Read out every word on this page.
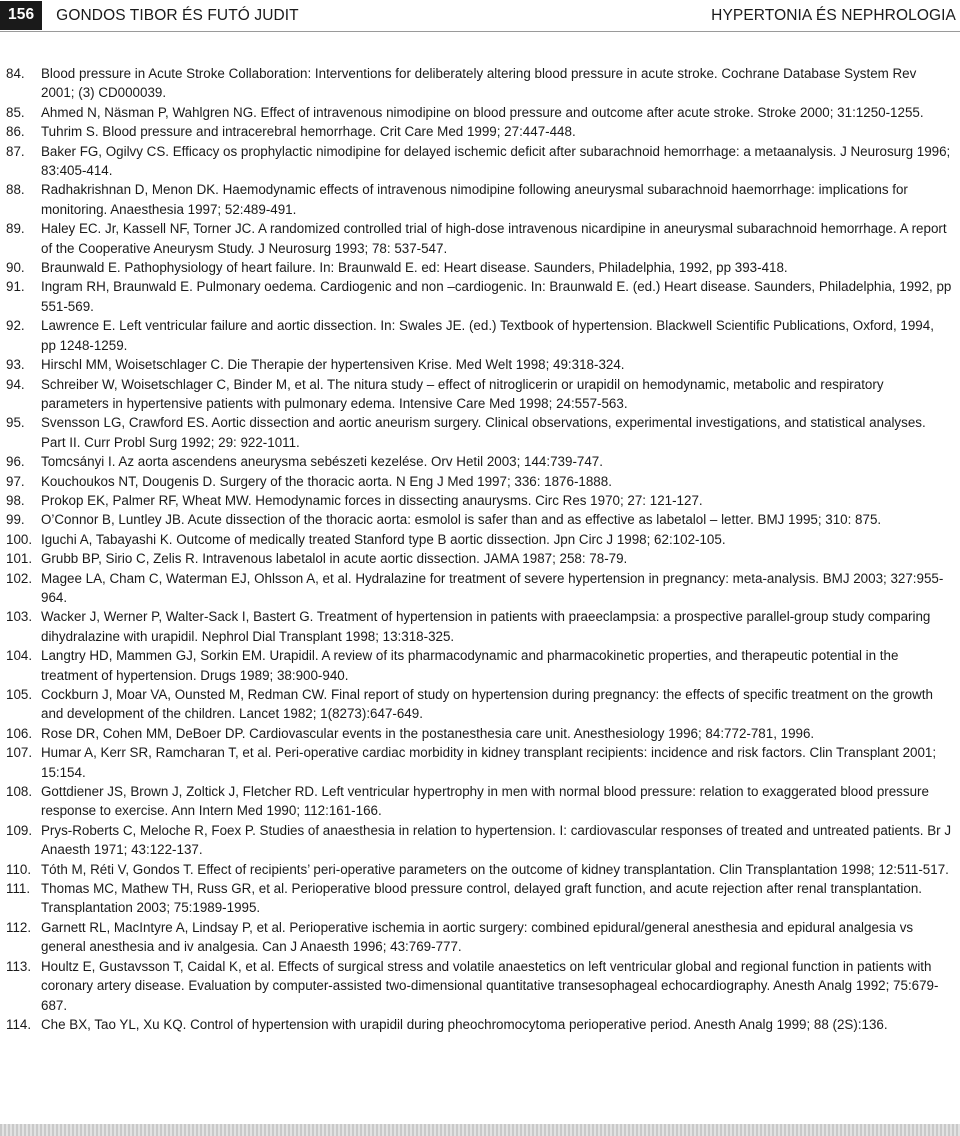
156	GONDOS TIBOR ÉS FUTÓ JUDIT	HYPERTONIA ÉS NEPHROLOGIA
84.	Blood pressure in Acute Stroke Collaboration: Interventions for deliberately altering blood pressure in acute stroke. Cochrane Database System Rev 2001; (3) CD000039.
85.	Ahmed N, Näsman P, Wahlgren NG. Effect of intravenous nimodipine on blood pressure and outcome after acute stroke. Stroke 2000; 31:1250-1255.
86.	Tuhrim S. Blood pressure and intracerebral hemorrhage. Crit Care Med 1999; 27:447-448.
87.	Baker FG, Ogilvy CS. Efficacy os prophylactic nimodipine for delayed ischemic deficit after subarachnoid hemorrhage: a metaanalysis. J Neurosurg 1996; 83:405-414.
88.	Radhakrishnan D, Menon DK. Haemodynamic effects of intravenous nimodipine following aneurysmal subarachnoid haemorrhage: implications for monitoring. Anaesthesia 1997; 52:489-491.
89.	Haley EC. Jr, Kassell NF, Torner JC. A randomized controlled trial of high-dose intravenous nicardipine in aneurysmal subarachnoid hemorrhage. A report of the Cooperative Aneurysm Study. J Neurosurg 1993; 78: 537-547.
90.	Braunwald E. Pathophysiology of heart failure. In: Braunwald E. ed: Heart disease. Saunders, Philadelphia, 1992, pp 393-418.
91.	Ingram RH, Braunwald E. Pulmonary oedema. Cardiogenic and non –cardiogenic. In: Braunwald E. (ed.) Heart disease. Saunders, Philadelphia, 1992, pp 551-569.
92.	Lawrence E. Left ventricular failure and aortic dissection. In: Swales JE. (ed.) Textbook of hypertension. Blackwell Scientific Publications, Oxford, 1994, pp 1248-1259.
93.	Hirschl MM, Woisetschlager C. Die Therapie der hypertensiven Krise. Med Welt 1998; 49:318-324.
94.	Schreiber W, Woisetschlager C, Binder M, et al. The nitura study – effect of nitroglicerin or urapidil on hemodynamic, metabolic and respiratory parameters in hypertensive patients with pulmonary edema. Intensive Care Med 1998; 24:557-563.
95.	Svensson LG, Crawford ES. Aortic dissection and aortic aneurism surgery. Clinical observations, experimental investigations, and statistical analyses. Part II. Curr Probl Surg 1992; 29: 922-1011.
96.	Tomcsányi I. Az aorta ascendens aneurysma sebészeti kezelése. Orv Hetil 2003; 144:739-747.
97.	Kouchoukos NT, Dougenis D. Surgery of the thoracic aorta. N Eng J Med 1997; 336: 1876-1888.
98.	Prokop EK, Palmer RF, Wheat MW. Hemodynamic forces in dissecting anaurysms. Circ Res 1970; 27: 121-127.
99.	O’Connor B, Luntley JB. Acute dissection of the thoracic aorta: esmolol is safer than and as effective as labetalol – letter. BMJ 1995; 310: 875.
100. Iguchi A, Tabayashi K. Outcome of medically treated Stanford type B aortic dissection. Jpn Circ J 1998; 62:102-105.
101. Grubb BP, Sirio C, Zelis R. Intravenous labetalol in acute aortic dissection. JAMA 1987; 258: 78-79.
102. Magee LA, Cham C, Waterman EJ, Ohlsson A, et al. Hydralazine for treatment of severe hypertension in pregnancy: meta-analysis. BMJ 2003; 327:955-964.
103. Wacker J, Werner P, Walter-Sack I, Bastert G. Treatment of hypertension in patients with praeeclampsia: a prospective parallel-group study comparing dihydralazine with urapidil. Nephrol Dial Transplant 1998; 13:318-325.
104. Langtry HD, Mammen GJ, Sorkin EM. Urapidil. A review of its pharmacodynamic and pharmacokinetic properties, and therapeutic potential in the treatment of hypertension. Drugs 1989; 38:900-940.
105. Cockburn J, Moar VA, Ounsted M, Redman CW. Final report of study on hypertension during pregnancy: the effects of specific treatment on the growth and development of the children. Lancet 1982; 1(8273):647-649.
106. Rose DR, Cohen MM, DeBoer DP. Cardiovascular events in the postanesthesia care unit. Anesthesiology 1996; 84:772-781, 1996.
107. Humar A, Kerr SR, Ramcharan T, et al. Peri-operative cardiac morbidity in kidney transplant recipients: incidence and risk factors. Clin Transplant 2001; 15:154.
108. Gottdiener JS, Brown J, Zoltick J, Fletcher RD. Left ventricular hypertrophy in men with normal blood pressure: relation to exaggerated blood pressure response to exercise. Ann Intern Med 1990; 112:161-166.
109. Prys-Roberts C, Meloche R, Foex P. Studies of anaesthesia in relation to hypertension. I: cardiovascular responses of treated and untreated patients. Br J Anaesth 1971; 43:122-137.
110. Tóth M, Réti V, Gondos T. Effect of recipients’ peri-operative parameters on the outcome of kidney transplantation. Clin Transplantation 1998; 12:511-517.
111. Thomas MC, Mathew TH, Russ GR, et al. Perioperative blood pressure control, delayed graft function, and acute rejection after renal transplantation. Transplantation 2003; 75:1989-1995.
112. Garnett RL, MacIntyre A, Lindsay P, et al. Perioperative ischemia in aortic surgery: combined epidural/general anesthesia and epidural analgesia vs general anesthesia and iv analgesia. Can J Anaesth 1996; 43:769-777.
113. Houltz E, Gustavsson T, Caidal K, et al. Effects of surgical stress and volatile anaestetics on left ventricular global and regional function in patients with coronary artery disease. Evaluation by computer-assisted two-dimensional quantitative transesophageal echocardiography. Anesth Analg 1992; 75:679-687.
114. Che BX, Tao YL, Xu KQ. Control of hypertension with urapidil during pheochromocytoma perioperative period. Anesth Analg 1999; 88 (2S):136.
